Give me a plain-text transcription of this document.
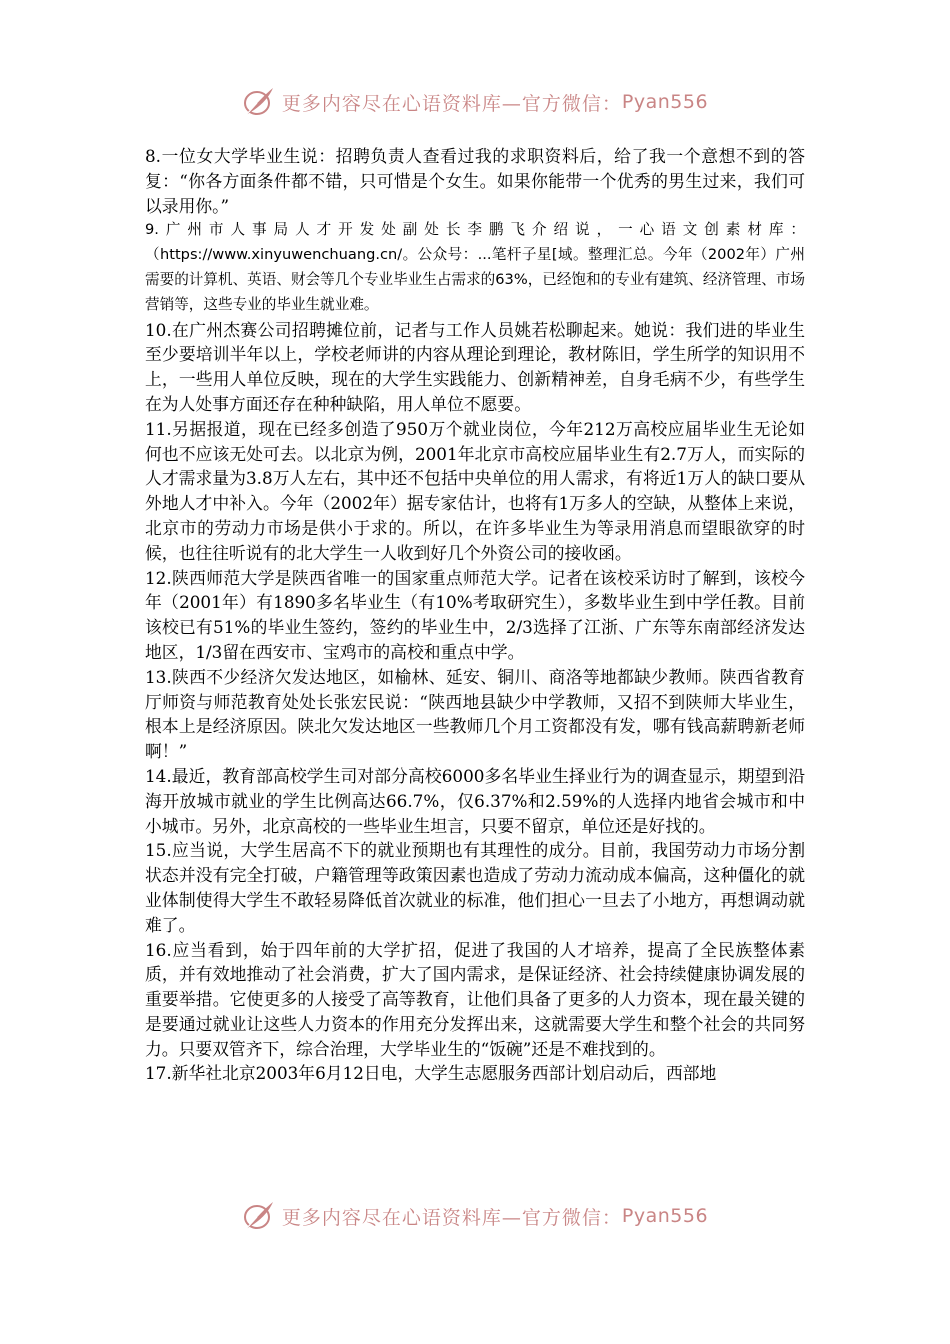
更多内容尽在心语资料库—官方微信： Pyan556

8.一位女大学毕业生说：招聘负责人查看过我的求职资料后，给了我一个意想不到的答复：“你各方面条件都不错，只可惜是个女生。如果你能带一个优秀的男生过来，我们可以录用你。”

9.广州市人事局人才开发处副处长李鹏飞介绍说，一心语文创素材库：（https://www.xinyuwenchuang.cn/。公众号：...笔杆子星[域。整理汇总。今年（2002年）广州需要的计算机、英语、财会等几个专业毕业生占需求的63%，已经饱和的专业有建筑、经济管理、市场营销等，这些专业的毕业生就业难。

10.在广州杰赛公司招聘摊位前，记者与工作人员姚若松聊起来。她说：我们进的毕业生至少要培训半年以上，学校老师讲的内容从理论到理论，教材陈旧，学生所学的知识用不上，一些用人单位反映，现在的大学生实践能力、创新精神差，自身毛病不少，有些学生在为人处事方面还存在种种缺陷，用人单位不愿要。

11.另据报道，现在已经多创造了950万个就业岗位，今年212万高校应届毕业生无论如何也不应该无处可去。以北京为例，2001年北京市高校应届毕业生有2.7万人，而实际的人才需求量为3.8万人左右，其中还不包括中央单位的用人需求，有将近1万人的缺口要从外地人才中补入。今年（2002年）据专家估计，也将有1万多人的空缺，从整体上来说，北京市的劳动力市场是供小于求的。所以，在许多毕业生为等录用消息而望眼欲穿的时候，也往往听说有的北大学生一人收到好几个外资公司的接收函。

12.陕西师范大学是陕西省唯一的国家重点师范大学。记者在该校采访时了解到，该校今年（2001年）有1890多名毕业生（有10%考取研究生），多数毕业生到中学任教。目前该校已有51%的毕业生签约，签约的毕业生中，2/3选择了江浙、广东等东南部经济发达地区，1/3留在西安市、宝鸡市的高校和重点中学。

13.陕西不少经济欠发达地区，如榆林、延安、铜川、商洛等地都缺少教师。陕西省教育厅师资与师范教育处处长张宏民说：“陕西地县缺少中学教师，又招不到陕师大毕业生，根本上是经济原因。陕北欠发达地区一些教师几个月工资都没有发，哪有钱高薪聘新老师啊！”

14.最近，教育部高校学生司对部分高校6000多名毕业生择业行为的调查显示，期望到沿海开放城市就业的学生比例高达66.7%，仅6.37%和2.59%的人选择内地省会城市和中小城市。另外，北京高校的一些毕业生坦言，只要不留京，单位还是好找的。

15.应当说，大学生居高不下的就业预期也有其理性的成分。目前，我国劳动力市场分割状态并没有完全打破，户籍管理等政策因素也造成了劳动力流动成本偏高，这种僵化的就业体制使得大学生不敢轻易降低首次就业的标准，他们担心一旦去了小地方，再想调动就难了。

16.应当看到，始于四年前的大学扩招，促进了我国的人才培养，提高了全民族整体素质，并有效地推动了社会消费，扩大了国内需求，是保证经济、社会持续健康协调发展的重要举措。它使更多的人接受了高等教育，让他们具备了更多的人力资本，现在最关键的是要通过就业让这些人力资本的作用充分发挥出来，这就需要大学生和整个社会的共同努力。只要双管齐下，综合治理，大学毕业生的“饭碗”还是不难找到的。

17.新华社北京2003年6月12日电，大学生志愿服务西部计划启动后，西部地

更多内容尽在心语资料库—官方微信： Pyan556
